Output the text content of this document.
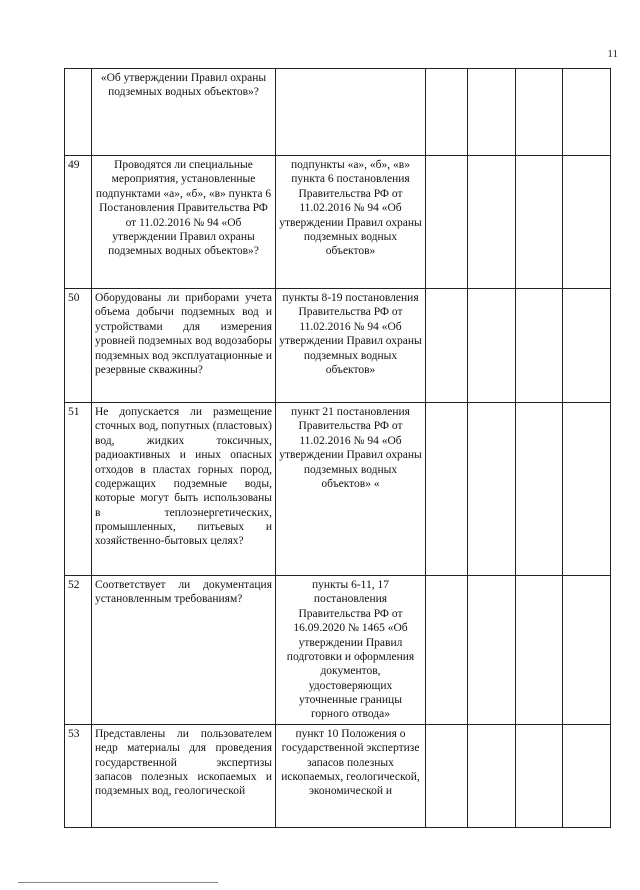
11
	«Об утверждении Правил охраны подземных водных объектов»?					
49	Проводятся ли специальные мероприятия, установленные подпунктами «а», «б», «в» пункта 6 Постановления Правительства РФ от 11.02.2016 № 94 «Об утверждении Правил охраны подземных водных объектов»?	подпункты «а», «б», «в» пункта 6 постановления Правительства РФ от 11.02.2016 № 94 «Об утверждении Правил охраны подземных водных объектов»				
50	Оборудованы ли приборами учета объема добычи подземных вод и устройствами для измерения уровней подземных вод водозаборы подземных вод эксплуатационные и резервные скважины?	пункты 8-19 постановления Правительства РФ от 11.02.2016 № 94 «Об утверждении Правил охраны подземных водных объектов»				
51	Не допускается ли размещение сточных вод, попутных (пластовых) вод, жидких токсичных, радиоактивных и иных опасных отходов в пластах горных пород, содержащих подземные воды, которые могут быть использованы в теплоэнергетических, промышленных, питьевых и хозяйственно-бытовых целях?	пункт 21 постановления Правительства РФ от 11.02.2016 № 94 «Об утверждении Правил охраны подземных водных объектов» «				
52	Соответствует ли документация установленным требованиям?	пункты 6-11, 17 постановления Правительства РФ от 16.09.2020 № 1465 «Об утверждении Правил подготовки и оформления документов, удостоверяющих уточненные границы горного отвода»				
53	Представлены ли пользователем недр материалы для проведения государственной экспертизы запасов полезных ископаемых и подземных вод, геологической	пункт 10 Положения о государственной экспертизе запасов полезных ископаемых, геологической, экономической и				
